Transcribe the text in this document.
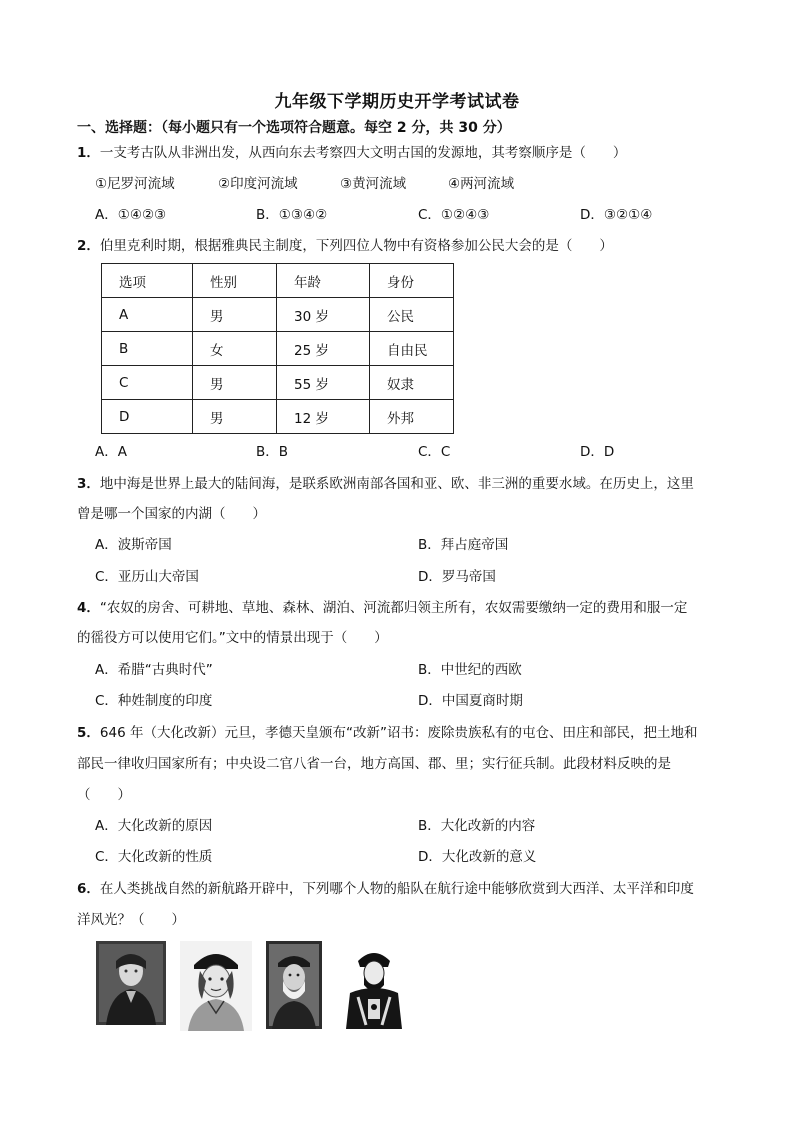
九年级下学期历史开学考试试卷
一、选择题：（每小题只有一个选项符合题意。每空 2 分，共 30 分）
1．一支考古队从非洲出发，从西向东去考察四大文明古国的发源地，其考察顺序是（　　）
①尼罗河流域	②印度河流域	③黄河流域	④两河流域
A．①④②③	B．①③④②	C．①②④③	D．③②①④
2．伯里克利时期，根据雅典民主制度，下列四位人物中有资格参加公民大会的是（　　）
选项	性别	年龄	身份
A	男	30 岁	公民
B	女	25 岁	自由民
C	男	55 岁	奴隶
D	男	12 岁	外邦
A．A	B．B	C．C	D．D
3．地中海是世界上最大的陆间海，是联系欧洲南部各国和亚、欧、非三洲的重要水域。在历史上，这里
曾是哪一个国家的内湖（　　）
A．波斯帝国	B．拜占庭帝国
C．亚历山大帝国	D．罗马帝国
4．“农奴的房舍、可耕地、草地、森林、湖泊、河流都归领主所有，农奴需要缴纳一定的费用和服一定
的徭役方可以使用它们。”文中的情景出现于（　　）
A．希腊“古典时代”	B．中世纪的西欧
C．种姓制度的印度	D．中国夏商时期
5．646 年（大化改新）元旦，孝德天皇颁布“改新”诏书：废除贵族私有的屯仓、田庄和部民，把土地和
部民一律收归国家所有；中央设二官八省一台，地方高国、郡、里；实行征兵制。此段材料反映的是
（　　）
A．大化改新的原因	B．大化改新的内容
C．大化改新的性质	D．大化改新的意义
6．在人类挑战自然的新航路开辟中，下列哪个人物的船队在航行途中能够欣赏到大西洋、太平洋和印度
洋风光？（　　）
